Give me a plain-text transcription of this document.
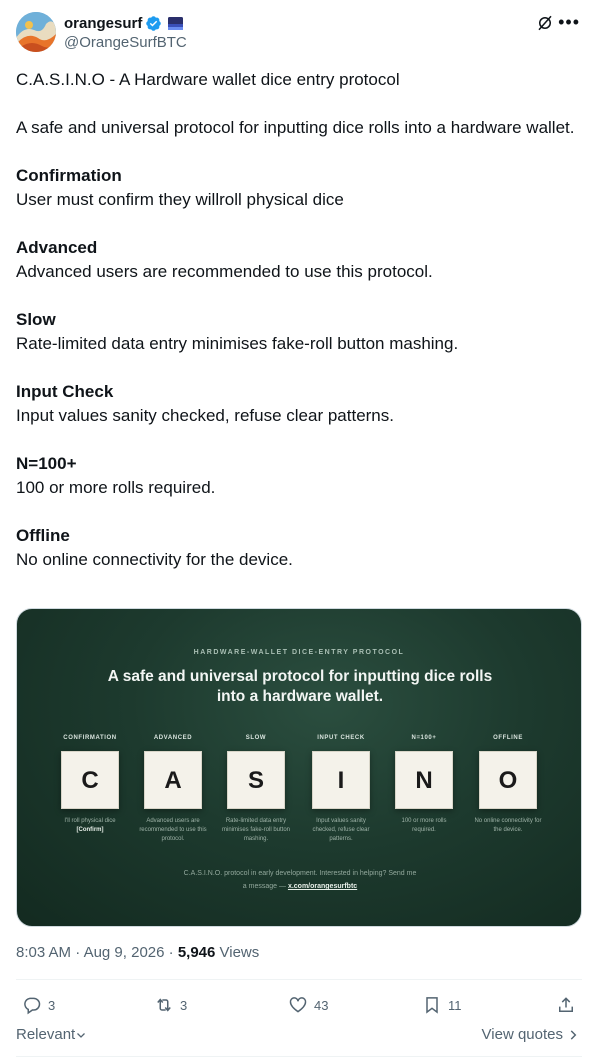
orangesurf
@OrangeSurfBTC
•••

C.A.S.I.N.O - A Hardware wallet dice entry protocol

A safe and universal protocol for inputting dice rolls into a hardware wallet.

Confirmation

User must confirm they willroll physical dice

Advanced

Advanced users are recommended to use this protocol.

Slow

Rate-limited data entry minimises fake-roll button mashing.

Input Check

Input values sanity checked, refuse clear patterns.

N=100+

100 or more rolls required.

Offline

No online connectivity for the device.

HARDWARE-WALLET DICE-ENTRY PROTOCOL
A safe and universal protocol for inputting dice rolls
into a hardware wallet.
CONFIRMATION
C
I'll roll physical dice
[Confirm]
ADVANCED
A
Advanced users are recommended to use this protocol.
SLOW
S
Rate-limited data entry minimises fake-roll button mashing.
INPUT CHECK
I
Input values sanity checked, refuse clear patterns.
N=100+
N
100 or more rolls required.
OFFLINE
O
No online connectivity for the device.
C.A.S.I.N.O. protocol in early development. Interested in helping? Send me
a message — x.com/orangesurfbtc
8:03 AM · Aug 9, 2026 · 5,946 Views
3	3	43	11
Relevant	View quotes
